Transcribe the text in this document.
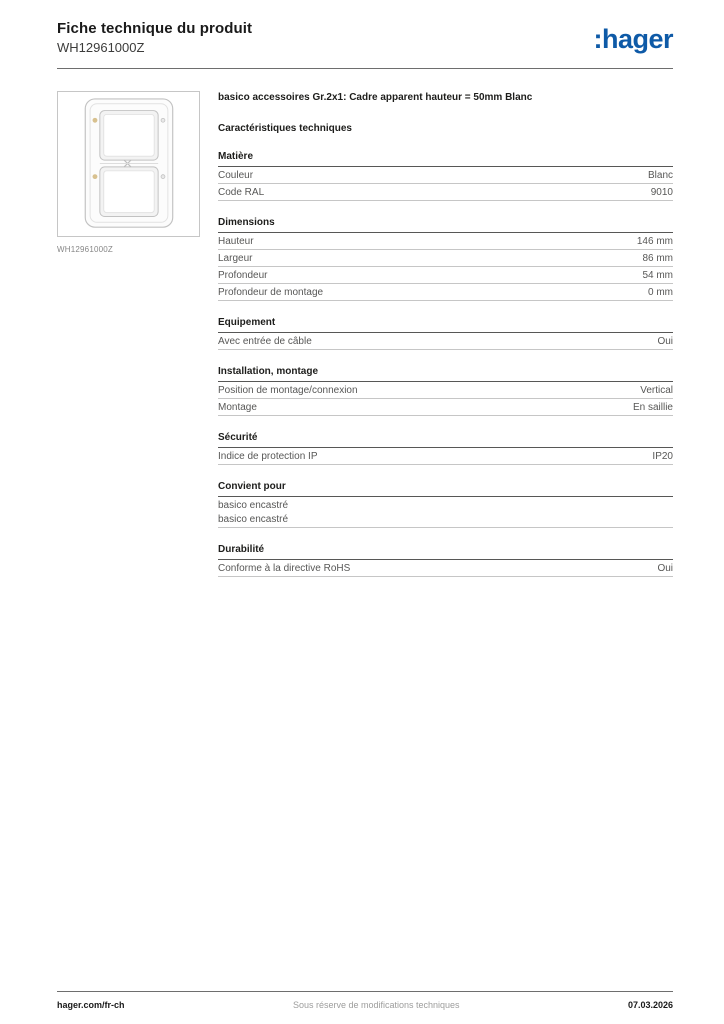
Fiche technique du produit
WH12961000Z	:hager
WH12961000Z
basico accessoires Gr.2x1: Cadre apparent hauteur = 50mm Blanc
Caractéristiques techniques
Matière
Couleur	Blanc
Code RAL	9010
Dimensions
Hauteur	146 mm
Largeur	86 mm
Profondeur	54 mm
Profondeur de montage	0 mm
Equipement
Avec entrée de câble	Oui
Installation, montage
Position de montage/connexion	Vertical
Montage	En saillie
Sécurité
Indice de protection IP	IP20
Convient pour
basico encastré
basico encastré
Durabilité
Conforme à la directive RoHS	Oui
hager.com/fr-ch	Sous réserve de modifications techniques	07.03.2026
